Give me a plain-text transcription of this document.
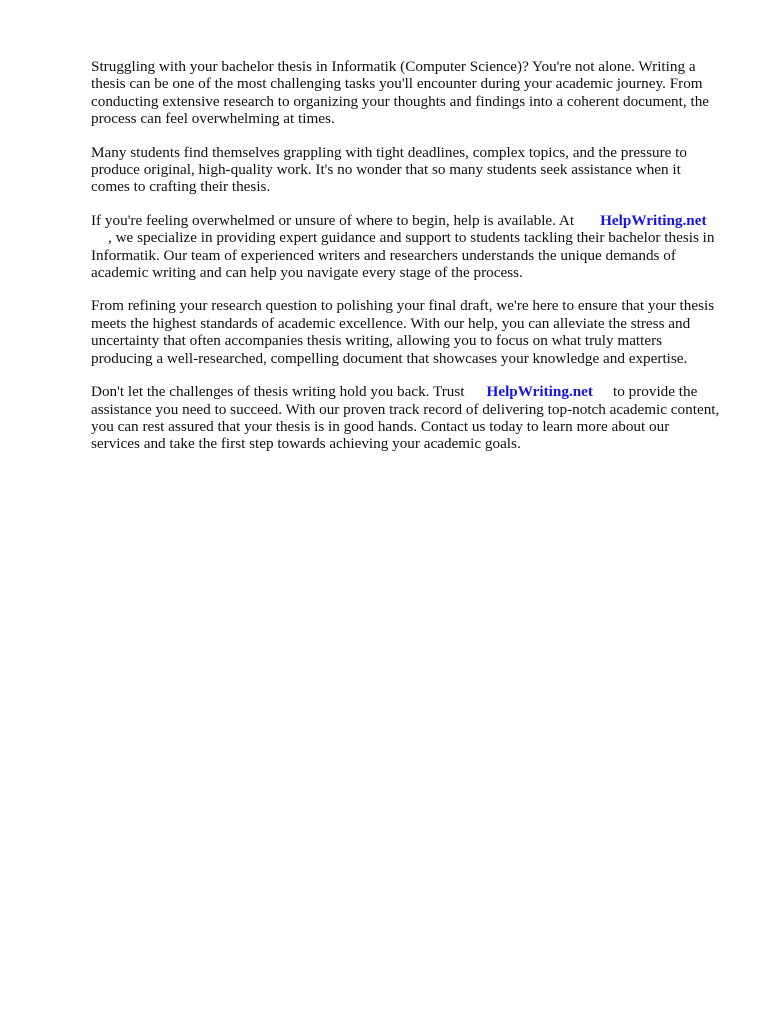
Struggling with your bachelor thesis in Informatik (Computer Science)? You're not alone. Writing a thesis can be one of the most challenging tasks you'll encounter during your academic journey. From conducting extensive research to organizing your thoughts and findings into a coherent document, the process can feel overwhelming at times.

Many students find themselves grappling with tight deadlines, complex topics, and the pressure to produce original, high-quality work. It's no wonder that so many students seek assistance when it comes to crafting their thesis.

If you're feeling overwhelmed or unsure of where to begin, help is available. At HelpWriting.net
, we specialize in providing expert guidance and support to students tackling their bachelor thesis in Informatik. Our team of experienced writers and researchers understands the unique demands of academic writing and can help you navigate every stage of the process.

From refining your research question to polishing your final draft, we're here to ensure that your thesis meets the highest standards of academic excellence. With our help, you can alleviate the stress and uncertainty that often accompanies thesis writing, allowing you to focus on what truly matters producing a well-researched, compelling document that showcases your knowledge and expertise.

Don't let the challenges of thesis writing hold you back. Trust HelpWriting.net to provide the assistance you need to succeed. With our proven track record of delivering top-notch academic content, you can rest assured that your thesis is in good hands. Contact us today to learn more about our services and take the first step towards achieving your academic goals.
